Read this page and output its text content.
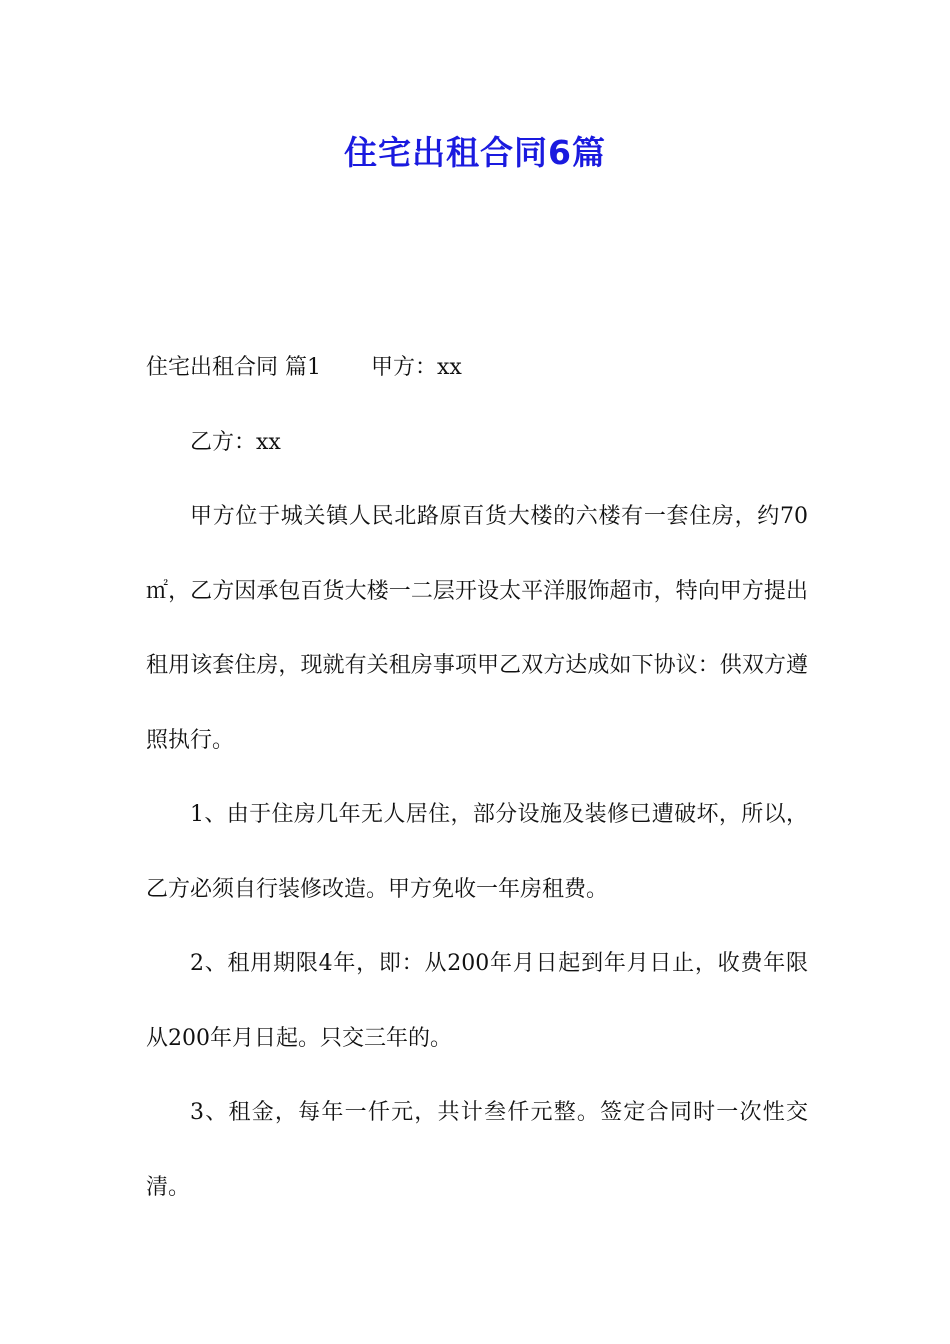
住宅出租合同6篇

住宅出租合同 篇1 甲方：xx

乙方：xx

甲方位于城关镇人民北路原百货大楼的六楼有一套住房，约70㎡，乙方因承包百货大楼一二层开设太平洋服饰超市，特向甲方提出租用该套住房，现就有关租房事项甲乙双方达成如下协议：供双方遵照执行。

1、由于住房几年无人居住，部分设施及装修已遭破坏，所以，乙方必须自行装修改造。甲方免收一年房租费。

2、租用期限4年，即：从200年月日起到年月日止，收费年限从200年月日起。只交三年的。

3、租金，每年一仟元，共计叁仟元整。签定合同时一次性交清。
